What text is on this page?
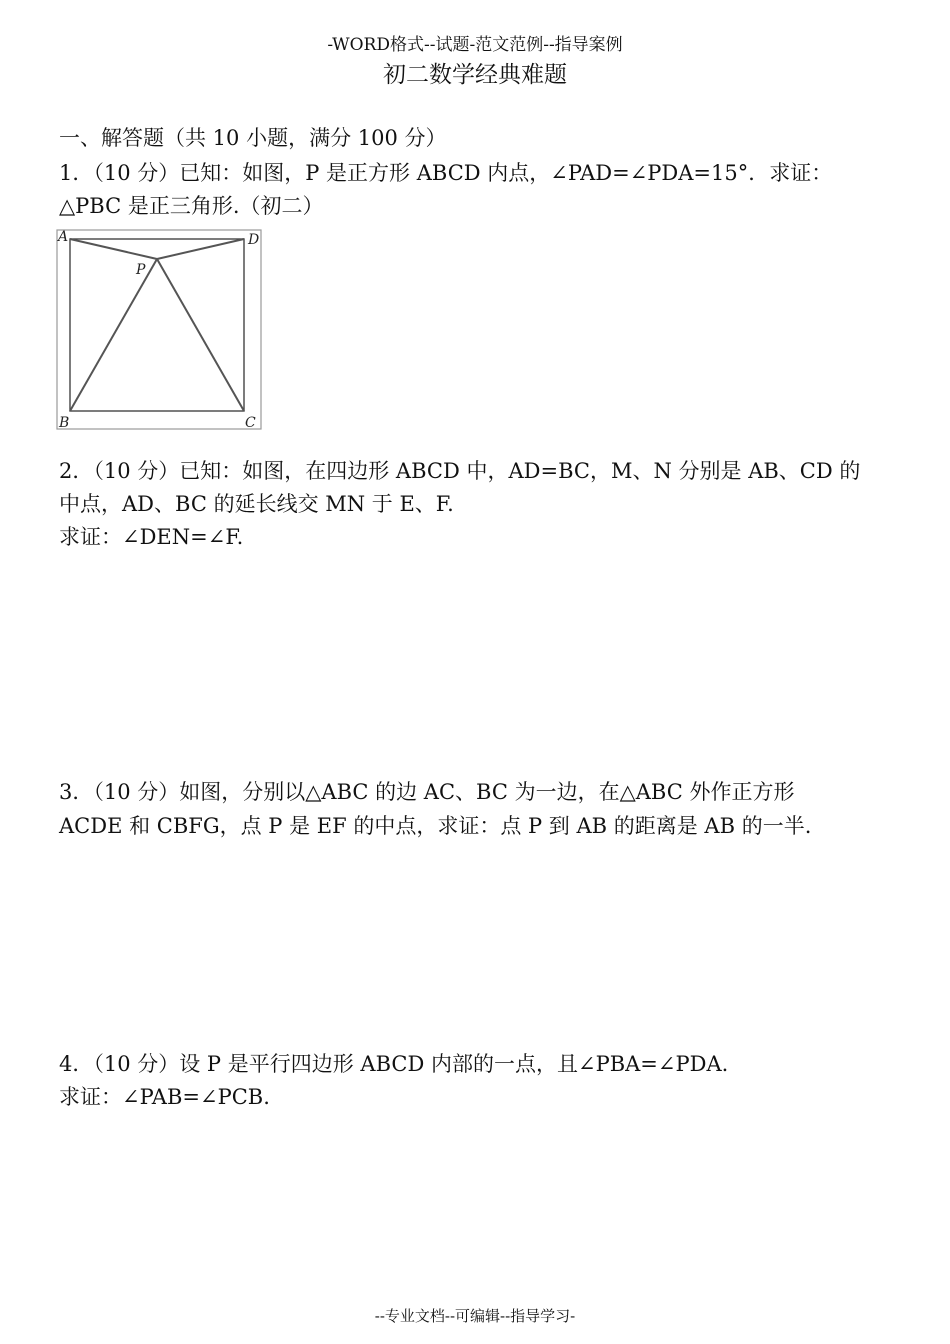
-WORD格式--试题-范文范例--指导案例
初二数学经典难题
一、解答题（共 10 小题，满分 100 分）
1．（10 分）已知：如图，P 是正方形 ABCD 内点，∠PAD=∠PDA=15°．求证：
△PBC 是正三角形.（初二）
A	D
P
B	C
2．（10 分）已知：如图，在四边形 ABCD 中，AD=BC，M、N 分别是 AB、CD 的
中点，AD、BC 的延长线交 MN 于 E、F.
求证：∠DEN=∠F.
3．（10 分）如图，分别以△ABC 的边 AC、BC 为一边，在△ABC 外作正方形
ACDE 和 CBFG，点 P 是 EF 的中点，求证：点 P 到 AB 的距离是 AB 的一半.
4．（10 分）设 P 是平行四边形 ABCD 内部的一点，且∠PBA=∠PDA.
求证：∠PAB=∠PCB.
--专业文档--可编辑--指导学习-
